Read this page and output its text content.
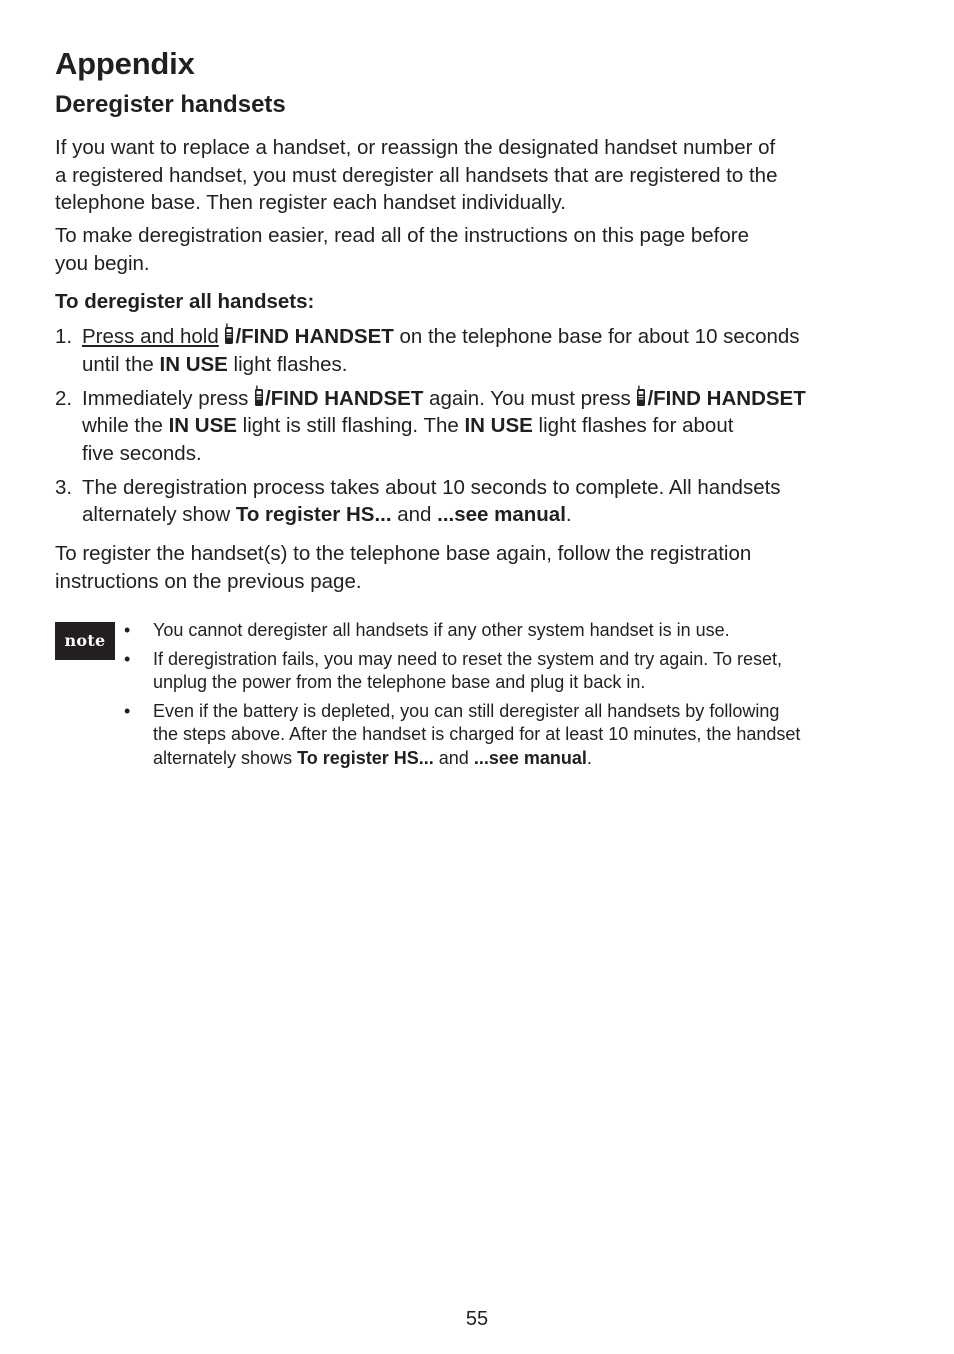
Appendix
Deregister handsets
If you want to replace a handset, or reassign the designated handset number of
a registered handset, you must deregister all handsets that are registered to the
telephone base. Then register each handset individually.
To make deregistration easier, read all of the instructions on this page before
you begin.
To deregister all handsets:
1. Press and hold /FIND HANDSET on the telephone base for about 10 seconds
until the IN USE light flashes.
2. Immediately press /FIND HANDSET again. You must press /FIND HANDSET
while the IN USE light is still flashing. The IN USE light flashes for about
five seconds.
3. The deregistration process takes about 10 seconds to complete. All handsets
alternately show To register HS... and ...see manual.
To register the handset(s) to the telephone base again, follow the registration
instructions on the previous page.
note
• You cannot deregister all handsets if any other system handset is in use.
• If deregistration fails, you may need to reset the system and try again. To reset,
unplug the power from the telephone base and plug it back in.
• Even if the battery is depleted, you can still deregister all handsets by following
the steps above. After the handset is charged for at least 10 minutes, the handset
alternately shows To register HS... and ...see manual.
55
